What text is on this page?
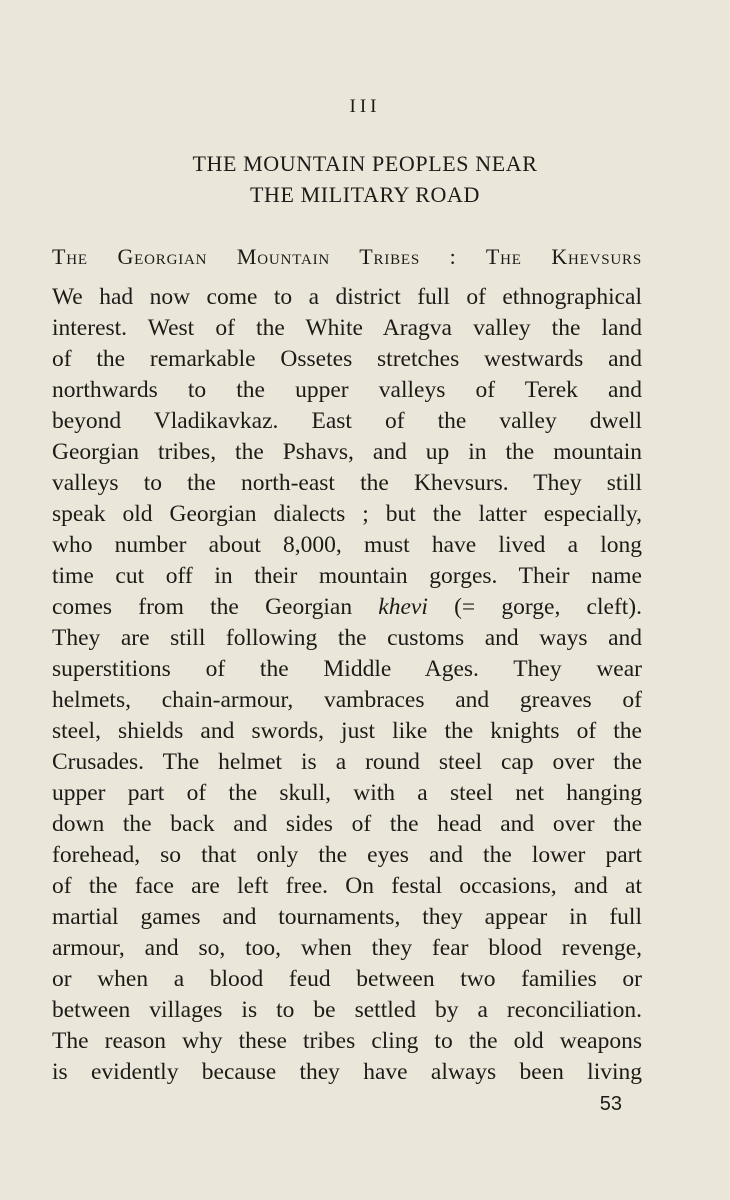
III
THE MOUNTAIN PEOPLES NEAR
THE MILITARY ROAD
The Georgian Mountain Tribes : The Khevsurs
We had now come to a district full of ethnographical
interest. West of the White Aragva valley the land
of the remarkable Ossetes stretches westwards and
northwards to the upper valleys of Terek and
beyond Vladikavkaz. East of the valley dwell
Georgian tribes, the Pshavs, and up in the mountain
valleys to the north-east the Khevsurs. They still
speak old Georgian dialects ; but the latter especially,
who number about 8,000, must have lived a long
time cut off in their mountain gorges. Their name
comes from the Georgian khevi (= gorge, cleft).
They are still following the customs and ways and
superstitions of the Middle Ages. They wear
helmets, chain-armour, vambraces and greaves of
steel, shields and swords, just like the knights of the
Crusades. The helmet is a round steel cap over the
upper part of the skull, with a steel net hanging
down the back and sides of the head and over the
forehead, so that only the eyes and the lower part
of the face are left free. On festal occasions, and at
martial games and tournaments, they appear in full
armour, and so, too, when they fear blood revenge,
or when a blood feud between two families or
between villages is to be settled by a reconciliation.
The reason why these tribes cling to the old weapons
is evidently because they have always been living
53
